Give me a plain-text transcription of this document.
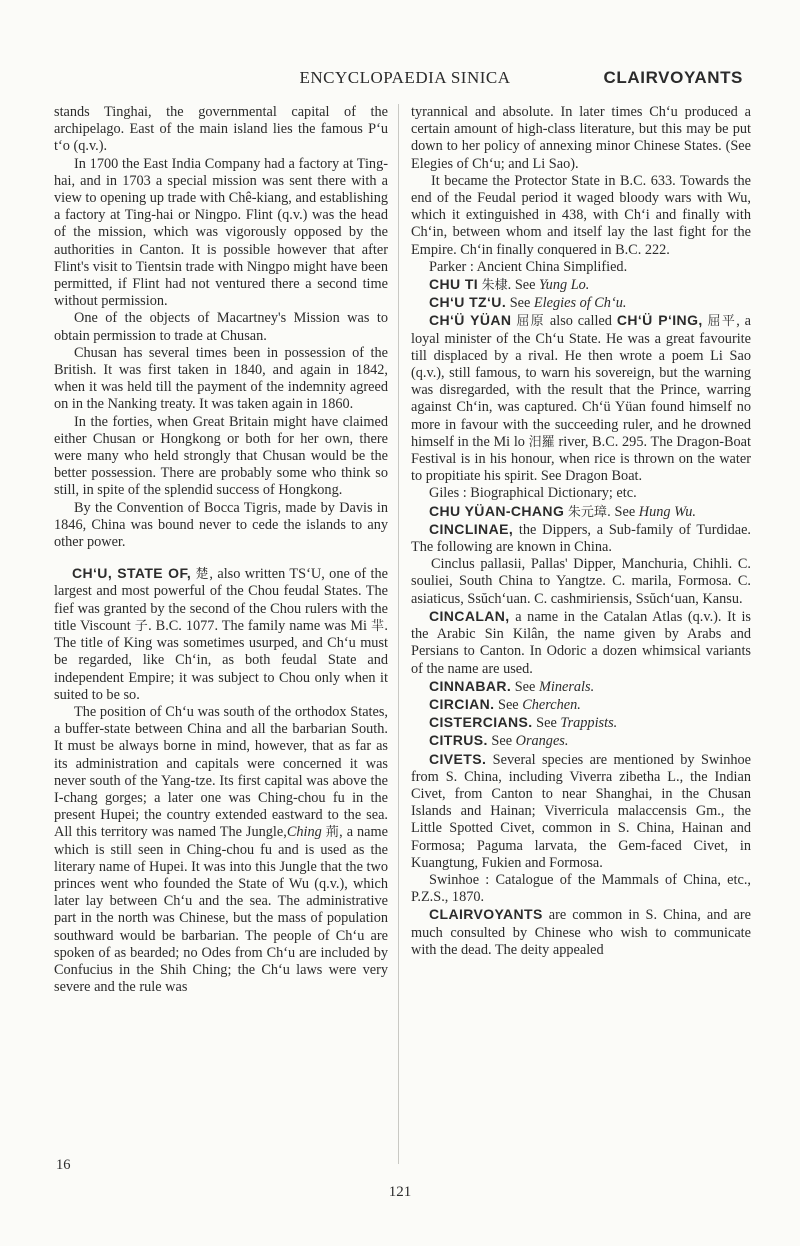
ENCYCLOPAEDIA SINICA	CLAIRVOYANTS

stands Tinghai, the governmental capital of the archipelago. East of the main island lies the famous P‘u t‘o (q.v.).

In 1700 the East India Company had a factory at Ting-hai, and in 1703 a special mission was sent there with a view to opening up trade with Chê-kiang, and establishing a factory at Ting-hai or Ningpo. Flint (q.v.) was the head of the mission, which was vigorously opposed by the authorities in Canton. It is possible however that after Flint's visit to Tientsin trade with Ningpo might have been permitted, if Flint had not ventured there a second time without permission.

One of the objects of Macartney's Mission was to obtain permission to trade at Chusan.

Chusan has several times been in possession of the British. It was first taken in 1840, and again in 1842, when it was held till the payment of the indemnity agreed on in the Nanking treaty. It was taken again in 1860.

In the forties, when Great Britain might have claimed either Chusan or Hongkong or both for her own, there were many who held strongly that Chusan would be the better possession. There are probably some who think so still, in spite of the splendid success of Hongkong.

By the Convention of Bocca Tigris, made by Davis in 1846, China was bound never to cede the islands to any other power.

CH‘U, STATE OF, 楚, also written TS‘U, one of the largest and most powerful of the Chou feudal States. The fief was granted by the second of the Chou rulers with the title Viscount 子. B.C. 1077. The family name was Mi 羋. The title of King was sometimes usurped, and Ch‘u must be regarded, like Ch‘in, as both feudal State and independent Empire; it was subject to Chou only when it suited to be so.

The position of Ch‘u was south of the orthodox States, a buffer-state between China and all the barbarian South. It must be always borne in mind, however, that as far as its administration and capitals were concerned it was never south of the Yang-tze. Its first capital was above the I-chang gorges; a later one was Ching-chou fu in the present Hupei; the country extended eastward to the sea. All this territory was named The Jungle,Ching 荊, a name which is still seen in Ching-chou fu and is used as the literary name of Hupei. It was into this Jungle that the two princes went who founded the State of Wu (q.v.), which later lay between Ch‘u and the sea. The administrative part in the north was Chinese, but the mass of population southward would be barbarian. The people of Ch‘u are spoken of as bearded; no Odes from Ch‘u are included by Confucius in the Shih Ching; the Ch‘u laws were very severe and the rule was

tyrannical and absolute. In later times Ch‘u produced a certain amount of high-class literature, but this may be put down to her policy of annexing minor Chinese States. (See Elegies of Ch‘u; and Li Sao).

It became the Protector State in B.C. 633. Towards the end of the Feudal period it waged bloody wars with Wu, which it extinguished in 438, with Ch‘i and finally with Ch‘in, between whom and itself lay the last fight for the Empire. Ch‘in finally conquered in B.C. 222.

Parker : Ancient China Simplified.

CHU TI 朱棣. See Yung Lo.

CH‘U TZ‘U. See Elegies of Ch‘u.

CH‘Ü YÜAN 屈原 also called CH‘Ü P‘ING, 屈平, a loyal minister of the Ch‘u State. He was a great favourite till displaced by a rival. He then wrote a poem Li Sao (q.v.), still famous, to warn his sovereign, but the warning was disregarded, with the result that the Prince, warring against Ch‘in, was captured. Ch‘ü Yüan found himself no more in favour with the succeeding ruler, and he drowned himself in the Mi lo 汨羅 river, B.C. 295. The Dragon-Boat Festival is in his honour, when rice is thrown on the water to propitiate his spirit. See Dragon Boat.

Giles : Biographical Dictionary; etc.

CHU YÜAN-CHANG 朱元璋. See Hung Wu.

CINCLINAE, the Dippers, a Sub-family of Turdidae. The following are known in China.

Cinclus pallasii, Pallas' Dipper, Manchuria, Chihli. C. souliei, South China to Yangtze. C. marila, Formosa. C. asiaticus, Ssŭch‘uan. C. cashmiriensis, Ssŭch‘uan, Kansu.

CINCALAN, a name in the Catalan Atlas (q.v.). It is the Arabic Sin Kilân, the name given by Arabs and Persians to Canton. In Odoric a dozen whimsical variants of the name are used.

CINNABAR. See Minerals.

CIRCIAN. See Cherchen.

CISTERCIANS. See Trappists.

CITRUS. See Oranges.

CIVETS. Several species are mentioned by Swinhoe from S. China, including Viverra zibetha L., the Indian Civet, from Canton to near Shanghai, in the Chusan Islands and Hainan; Viverricula malaccensis Gm., the Little Spotted Civet, common in S. China, Hainan and Formosa; Paguma larvata, the Gem-faced Civet, in Kuangtung, Fukien and Formosa.

Swinhoe : Catalogue of the Mammals of China, etc., P.Z.S., 1870.

CLAIRVOYANTS are common in S. China, and are much consulted by Chinese who wish to communicate with the dead. The deity appealed

16
121
